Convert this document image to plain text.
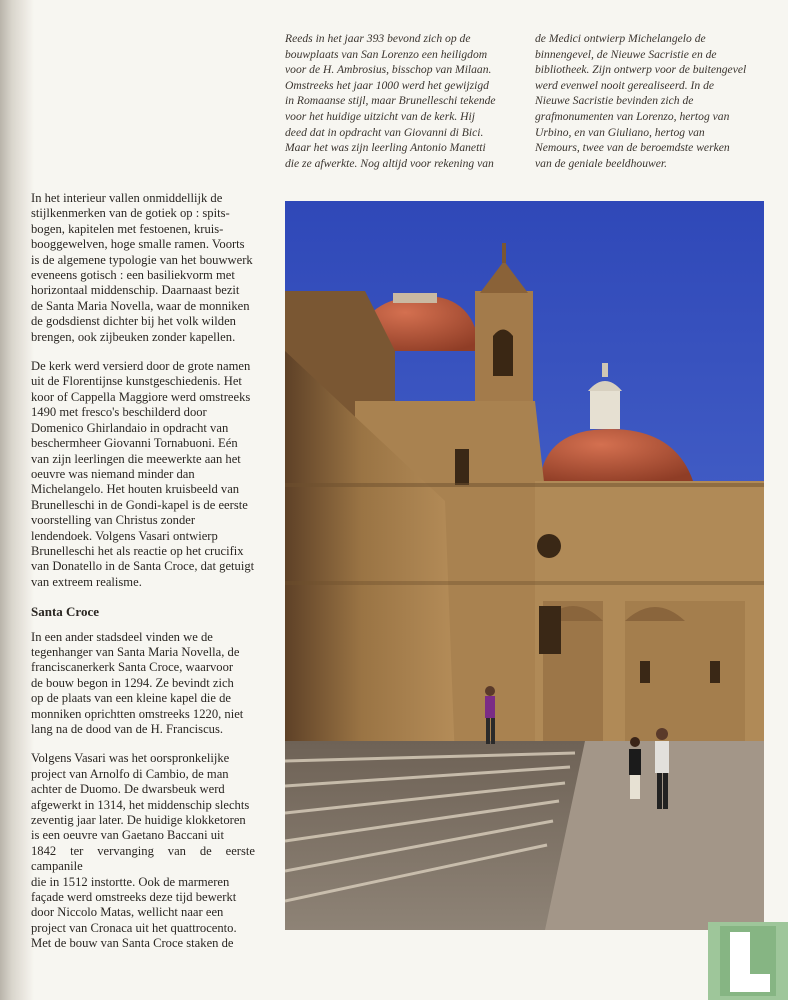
Reeds in het jaar 393 bevond zich op de
bouwplaats van San Lorenzo een heiligdom
voor de H. Ambrosius, bisschop van Milaan.
Omstreeks het jaar 1000 werd het gewijzigd
in Romaanse stijl, maar Brunelleschi tekende
voor het huidige uitzicht van de kerk. Hij
deed dat in opdracht van Giovanni di Bici.
Maar het was zijn leerling Antonio Manetti
die ze afwerkte. Nog altijd voor rekening van
de Medici ontwierp Michelangelo de
binnengevel, de Nieuwe Sacristie en de
bibliotheek. Zijn ontwerp voor de buitengevel
werd evenwel nooit gerealiseerd. In de
Nieuwe Sacristie bevinden zich de
grafmonumenten van Lorenzo, hertog van
Urbino, en van Giuliano, hertog van
Nemours, twee van de beroemdste werken
van de geniale beeldhouwer.

In het interieur vallen onmiddellijk de
stijlkenmerken van de gotiek op : spits-
bogen, kapitelen met festoenen, kruis-
booggewelven, hoge smalle ramen. Voorts
is de algemene typologie van het bouwwerk
eveneens gotisch : een basiliekvorm met
horizontaal middenschip. Daarnaast bezit
de Santa Maria Novella, waar de monniken
de godsdienst dichter bij het volk wilden
brengen, ook zijbeuken zonder kapellen.

De kerk werd versierd door de grote namen
uit de Florentijnse kunstgeschiedenis. Het
koor of Cappella Maggiore werd omstreeks
1490 met fresco's beschilderd door
Domenico Ghirlandaio in opdracht van
beschermheer Giovanni Tornabuoni. Eén
van zijn leerlingen die meewerkte aan het
oeuvre was niemand minder dan
Michelangelo. Het houten kruisbeeld van
Brunelleschi in de Gondi-kapel is de eerste
voorstelling van Christus zonder
lendendoek. Volgens Vasari ontwierp
Brunelleschi het als reactie op het crucifix
van Donatello in de Santa Croce, dat getuigt
van extreem realisme.

Santa Croce

In een ander stadsdeel vinden we de
tegenhanger van Santa Maria Novella, de
franciscanerkerk Santa Croce, waarvoor
de bouw begon in 1294. Ze bevindt zich
op de plaats van een kleine kapel die de
monniken oprichtten omstreeks 1220, niet
lang na de dood van de H. Franciscus.

Volgens Vasari was het oorspronkelijke
project van Arnolfo di Cambio, de man
achter de Duomo. De dwarsbeuk werd
afgewerkt in 1314, het middenschip slechts
zeventig jaar later. De huidige klokketoren
is een oeuvre van Gaetano Baccani uit
1842 ter vervanging van de eerste campanile
die in 1512 instortte. Ook de marmeren
façade werd omstreeks deze tijd bewerkt
door Niccolo Matas, wellicht naar een
project van Cronaca uit het quattrocento.
Met de bouw van Santa Croce staken de

117
